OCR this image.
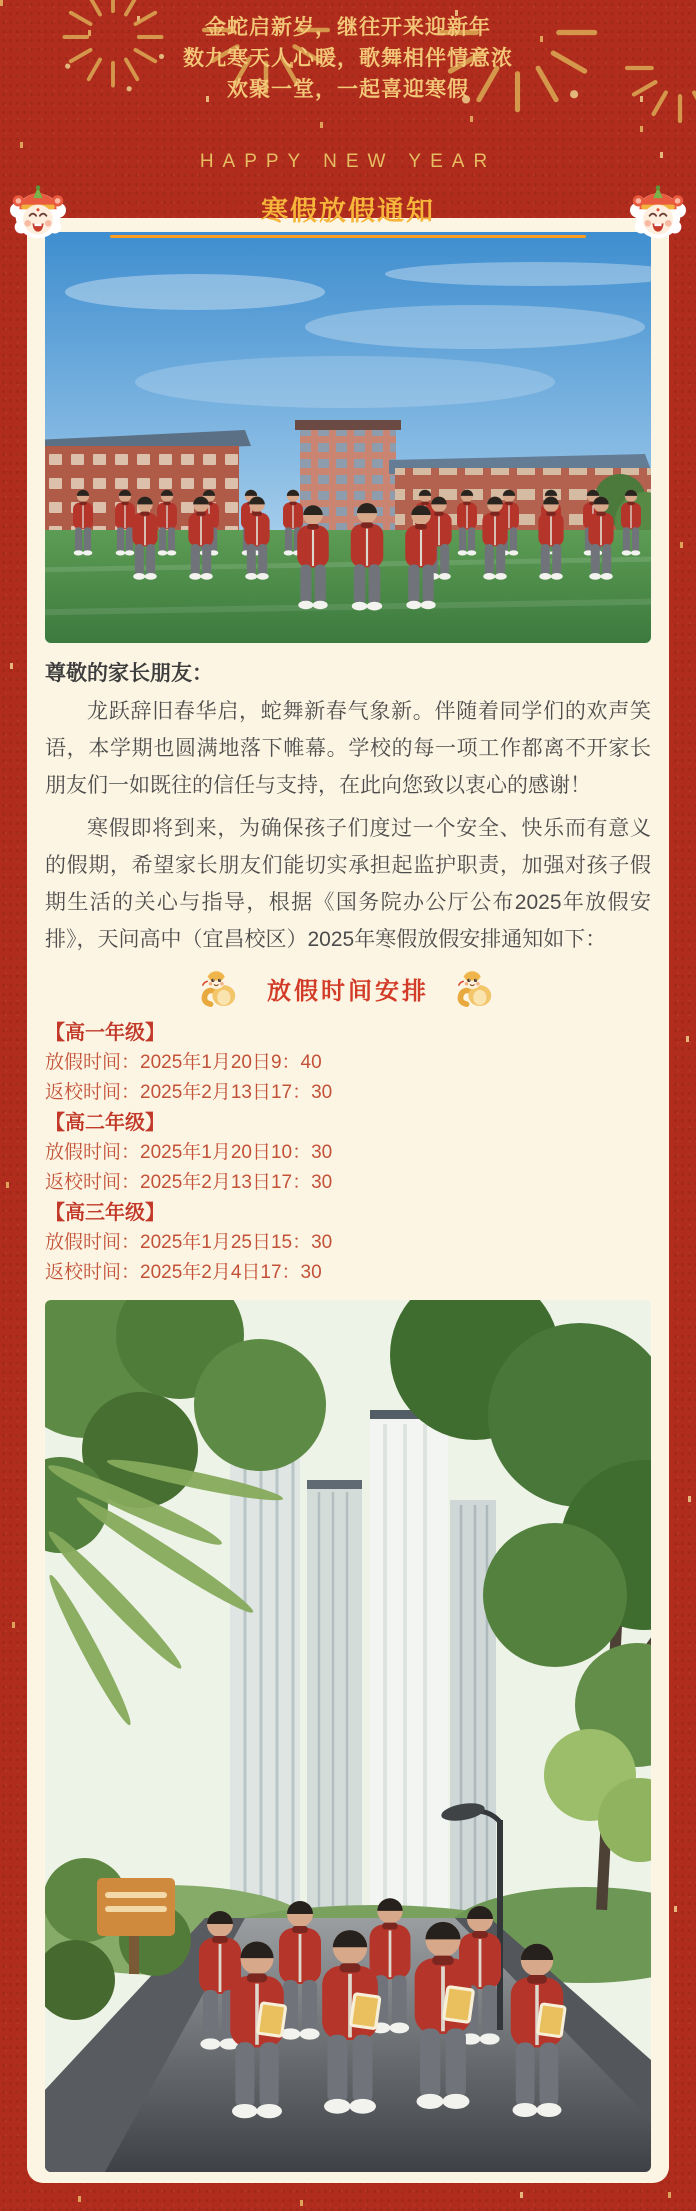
金蛇启新岁，继往开来迎新年
数九寒天人心暖，歌舞相伴情意浓
欢聚一堂，一起喜迎寒假
HAPPY NEW YEAR
寒假放假通知
尊敬的家长朋友：
龙跃辞旧春华启，蛇舞新春气象新。伴随着同学们的欢声笑语，本学期也圆满地落下帷幕。学校的每一项工作都离不开家长朋友们一如既往的信任与支持，在此向您致以衷心的感谢！
寒假即将到来，为确保孩子们度过一个安全、快乐而有意义的假期，希望家长朋友们能切实承担起监护职责，加强对孩子假期生活的关心与指导，根据《国务院办公厅公布2025年放假安排》，天问高中（宜昌校区）2025年寒假放假安排通知如下：
放假时间安排
【高一年级】
放假时间：2025年1月20日9：40
返校时间：2025年2月13日17：30
【高二年级】
放假时间：2025年1月20日10：30
返校时间：2025年2月13日17：30
【高三年级】
放假时间：2025年1月25日15：30
返校时间：2025年2月4日17：30
